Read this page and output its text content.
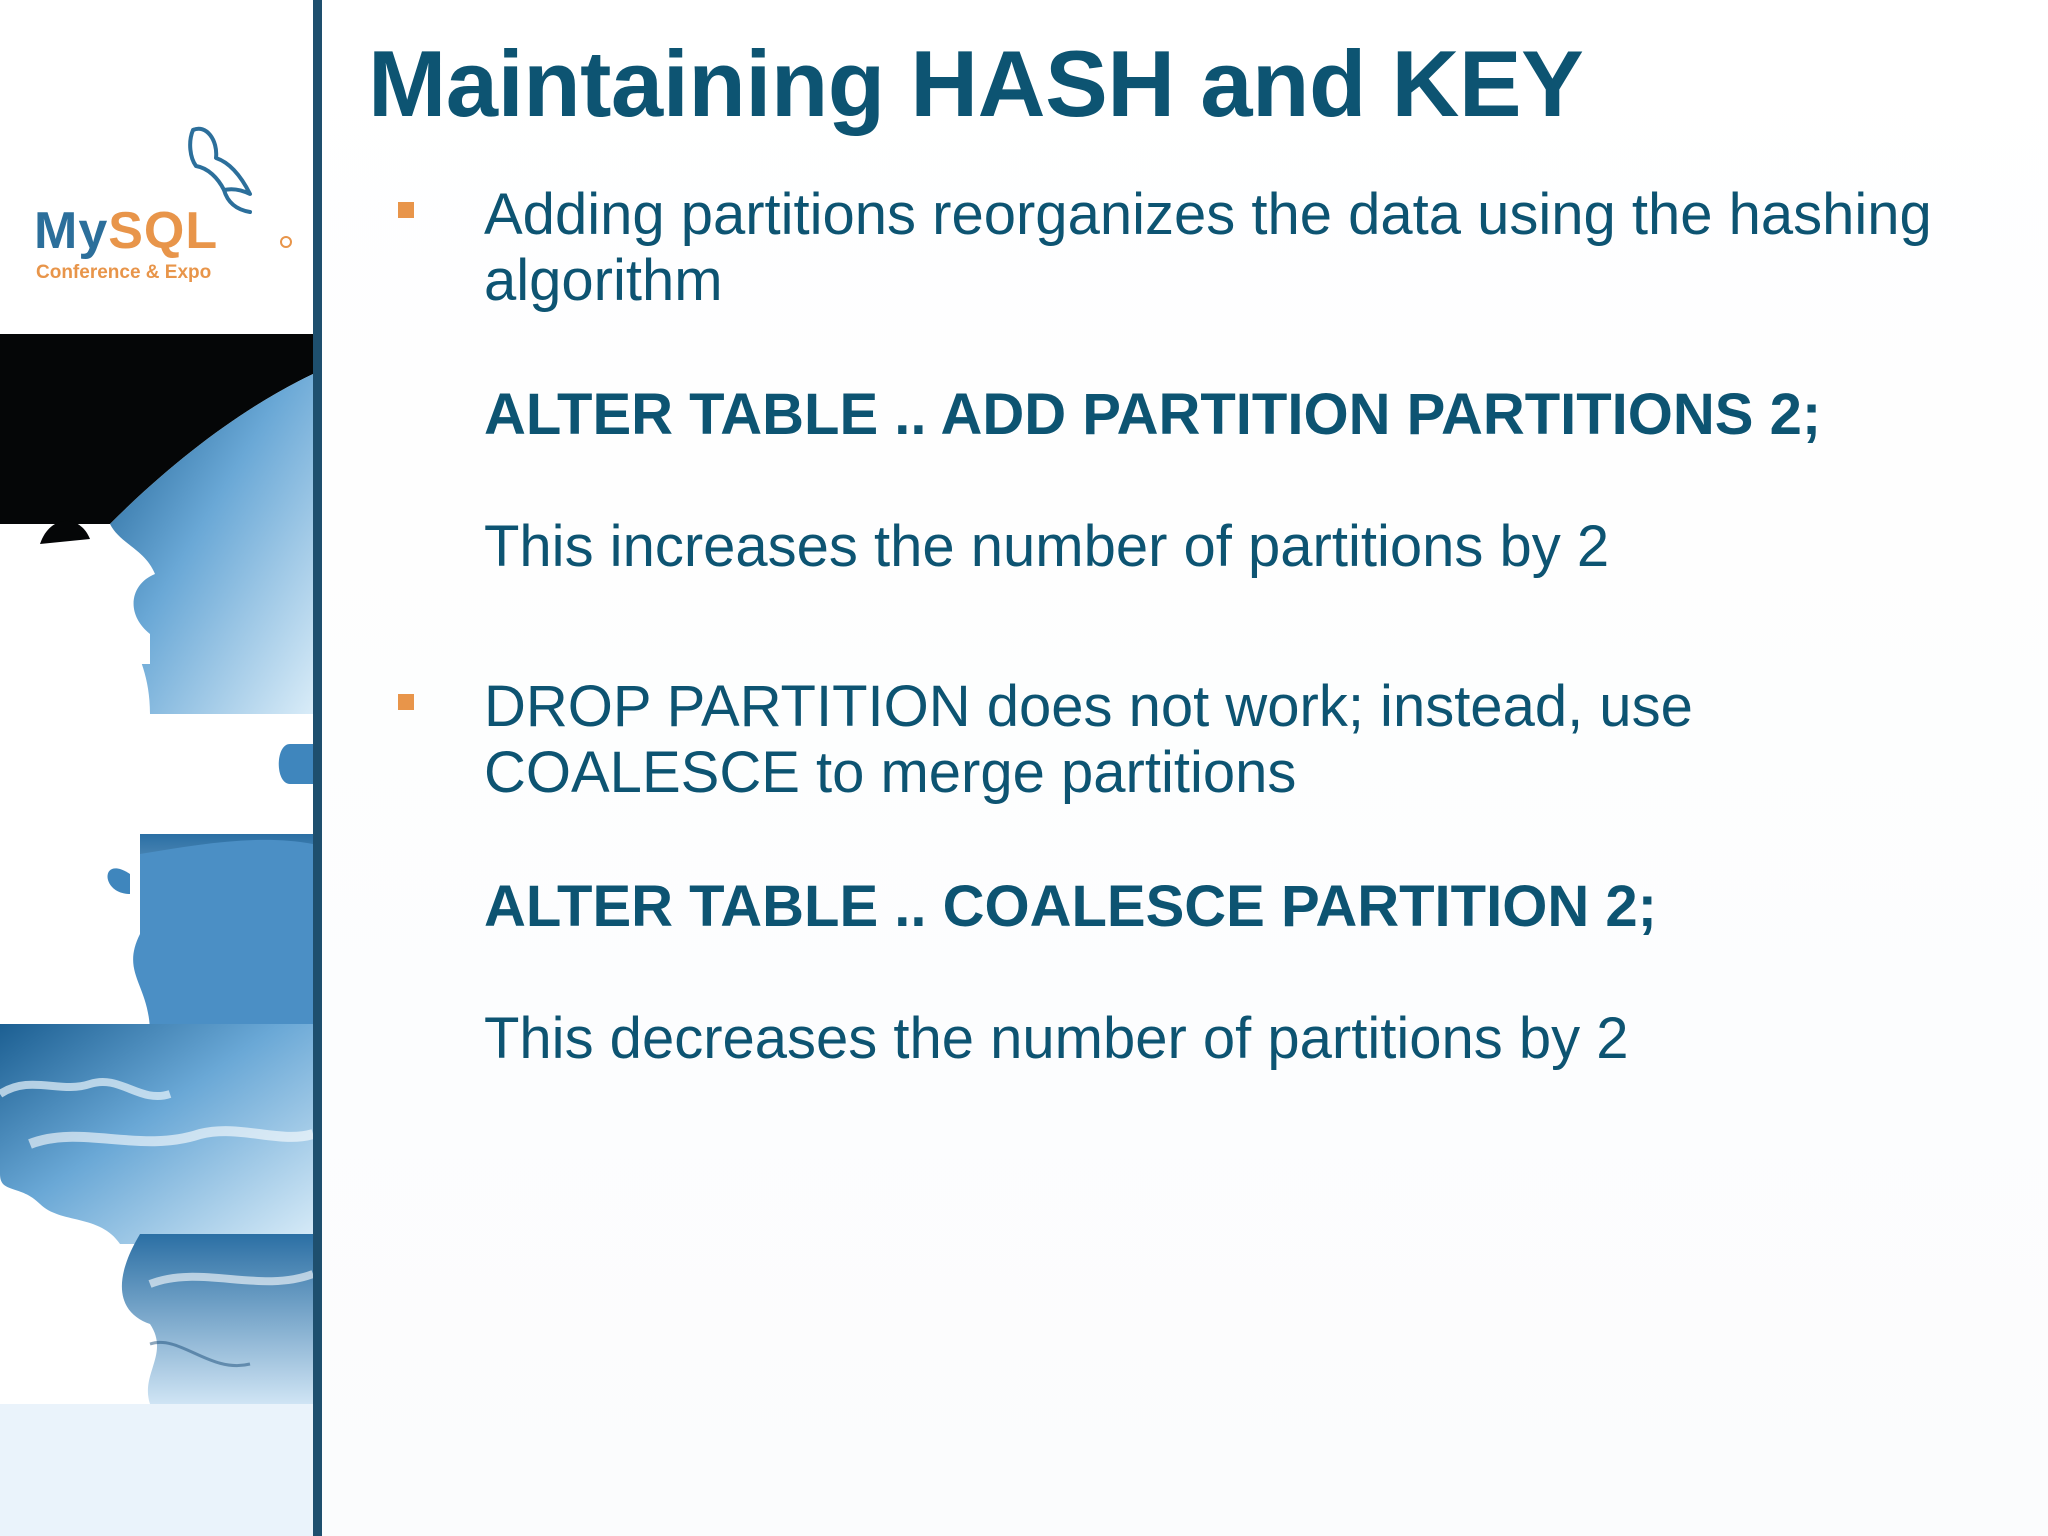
MySQL
Conference & Expo
Maintaining HASH and KEY
Adding partitions reorganizes the data using the hashing algorithm
ALTER TABLE .. ADD PARTITION PARTITIONS 2;
This increases the number of partitions by 2
DROP PARTITION does not work; instead, use COALESCE to merge partitions
ALTER TABLE .. COALESCE PARTITION 2;
This decreases the number of partitions by 2
